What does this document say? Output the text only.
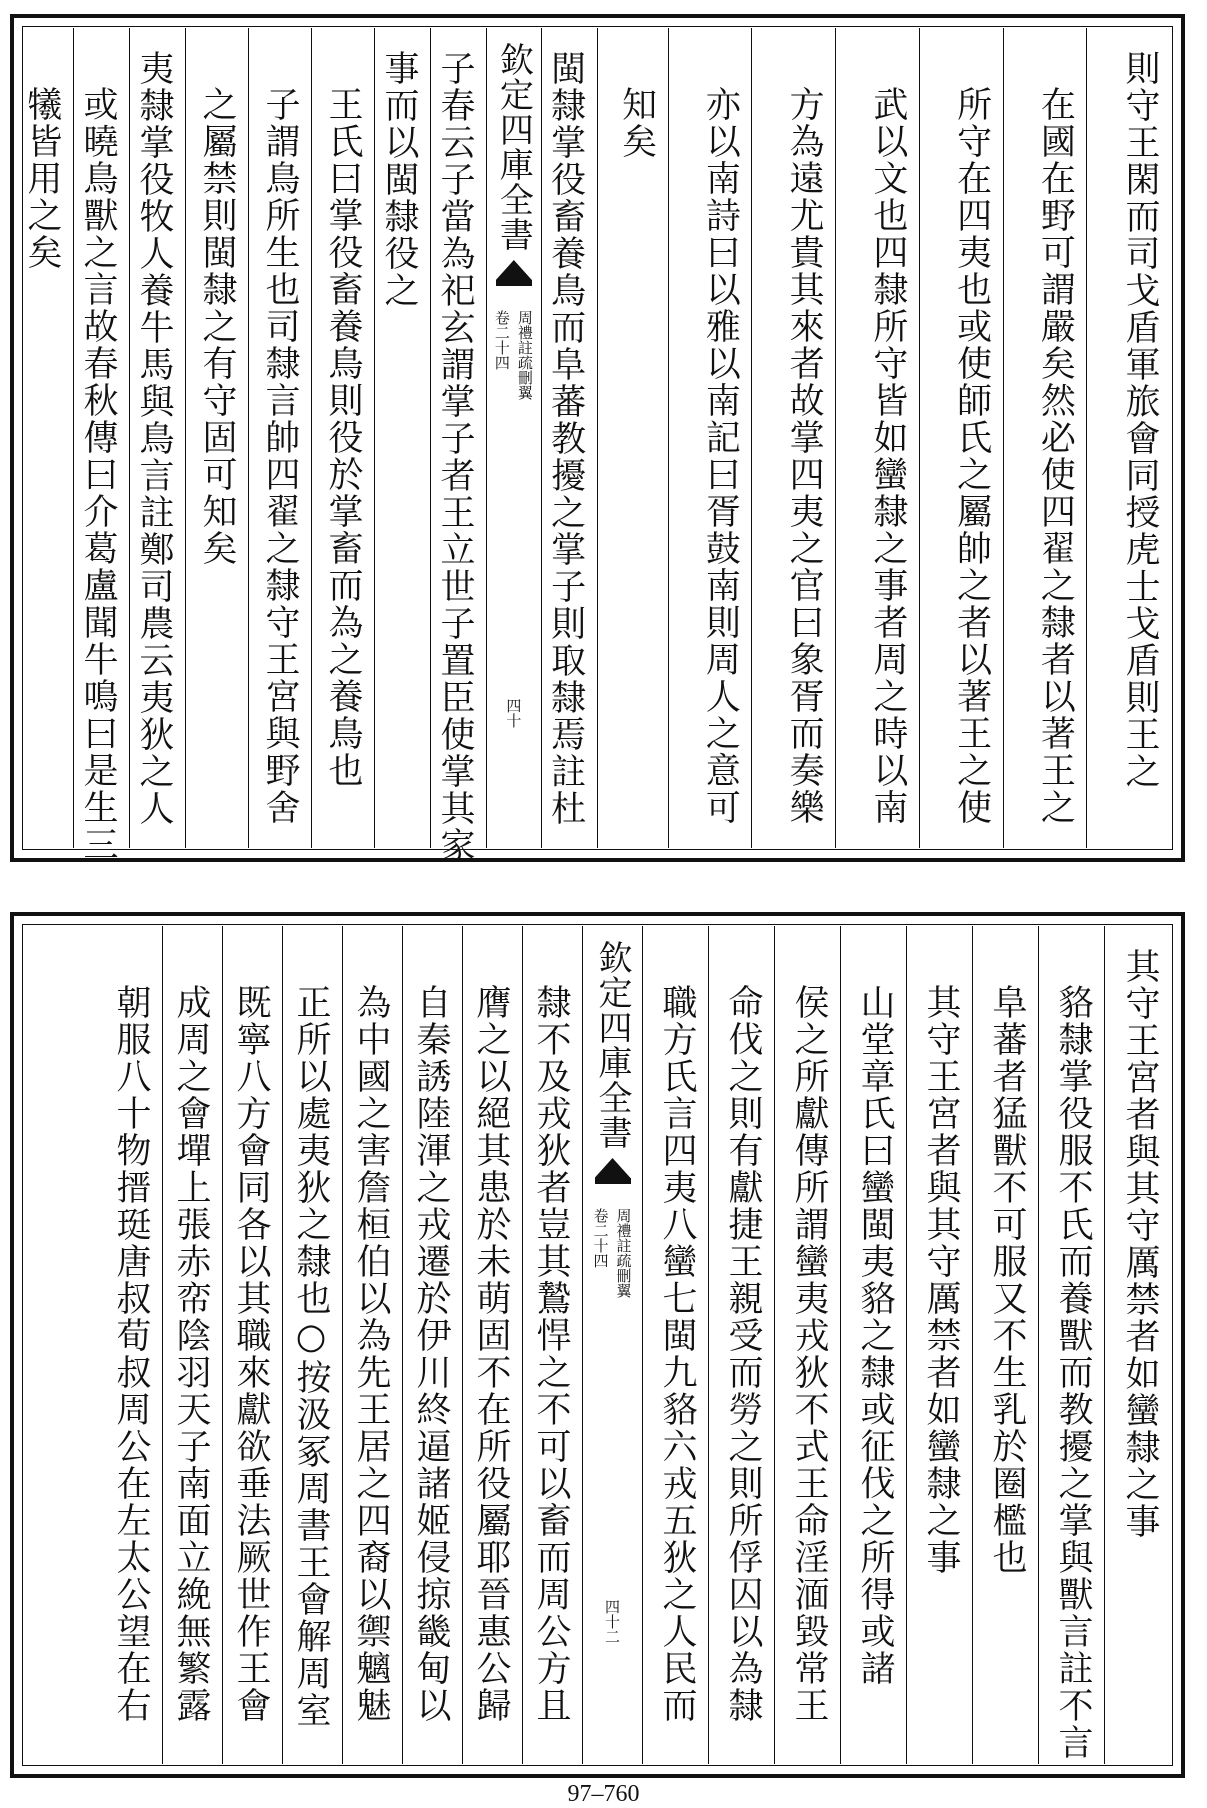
則守王閑而司戈盾軍旅會同授虎士戈盾則王之
在國在野可謂嚴矣然必使四翟之隸者以著王之
所守在四夷也或使師氏之屬帥之者以著王之使
武以文也四隸所守皆如蠻隸之事者周之時以南
方為遠尤貴其來者故掌四夷之官曰象胥而奏樂
亦以南詩曰以雅以南記曰胥鼓南則周人之意可
知矣
閩隸掌役畜養鳥而阜蕃教擾之掌子則取隸焉註杜
欽定四庫全書
周禮註疏刪翼
卷二十四
四十
子春云子當為祀玄謂掌子者王立世子置臣使掌其家
事而以閩隸役之
王氏曰掌役畜養鳥則役於掌畜而為之養鳥也
子謂鳥所生也司隸言帥四翟之隸守王宮與野舍
之屬禁則閩隸之有守固可知矣
夷隸掌役牧人養牛馬與鳥言註鄭司農云夷狄之人
或曉鳥獸之言故春秋傳曰介葛盧聞牛鳴曰是生三
犧皆用之矣
其守王宮者與其守厲禁者如蠻隸之事
貉隸掌役服不氏而養獸而教擾之掌與獸言註不言
阜蕃者猛獸不可服又不生乳於圈檻也
其守王宮者與其守厲禁者如蠻隸之事
山堂章氏曰蠻閩夷貉之隸或征伐之所得或諸
侯之所獻傳所謂蠻夷戎狄不式王命淫湎毀常王
命伐之則有獻捷王親受而勞之則所俘囚以為隸
職方氏言四夷八蠻七閩九貉六戎五狄之人民而
欽定四庫全書
周禮註疏刪翼
卷二十四
四十二
隸不及戎狄者豈其鷙悍之不可以畜而周公方且
膺之以絕其患於未萌固不在所役屬耶晉惠公歸
自秦誘陸渾之戎遷於伊川終逼諸姬侵掠畿甸以
為中國之害詹桓伯以為先王居之四裔以禦魑魅
正所以處夷狄之隸也○按汲冢周書王會解周室
既寧八方會同各以其職來獻欲垂法厥世作王會
成周之會墠上張赤帟陰羽天子南面立絻無繁露
朝服八十物搢珽唐叔荀叔周公在左太公望在右
97–760
